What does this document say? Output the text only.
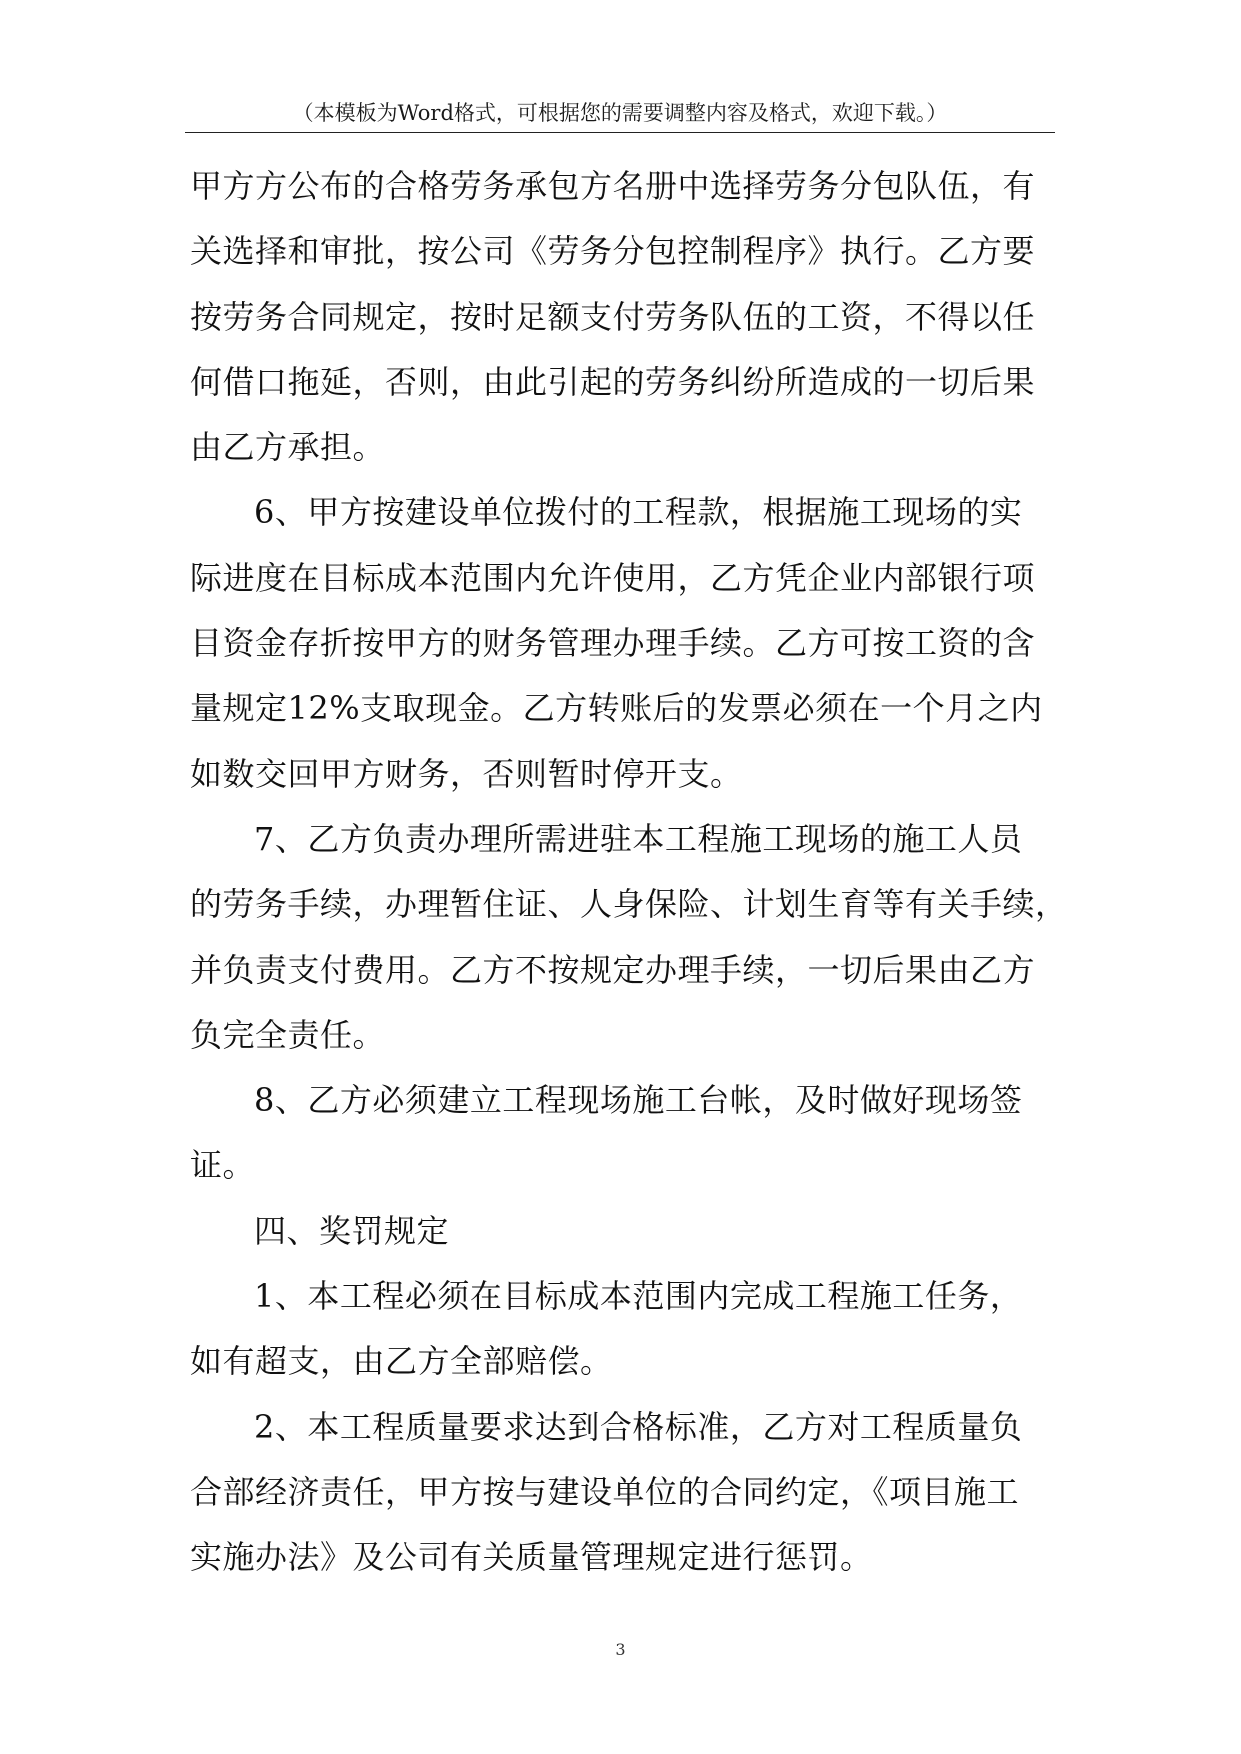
（本模板为Word格式，可根据您的需要调整内容及格式，欢迎下载。）
甲方方公布的合格劳务承包方名册中选择劳务分包队伍，有
关选择和审批，按公司《劳务分包控制程序》执行。乙方要
按劳务合同规定，按时足额支付劳务队伍的工资，不得以任
何借口拖延，否则，由此引起的劳务纠纷所造成的一切后果
由乙方承担。
6、甲方按建设单位拨付的工程款，根据施工现场的实
际进度在目标成本范围内允许使用，乙方凭企业内部银行项
目资金存折按甲方的财务管理办理手续。乙方可按工资的含
量规定12%支取现金。乙方转账后的发票必须在一个月之内
如数交回甲方财务，否则暂时停开支。
7、乙方负责办理所需进驻本工程施工现场的施工人员
的劳务手续，办理暂住证、人身保险、计划生育等有关手续，
并负责支付费用。乙方不按规定办理手续，一切后果由乙方
负完全责任。
8、乙方必须建立工程现场施工台帐，及时做好现场签
证。
四、奖罚规定
1、本工程必须在目标成本范围内完成工程施工任务，
如有超支，由乙方全部赔偿。
2、本工程质量要求达到合格标准，乙方对工程质量负
合部经济责任，甲方按与建设单位的合同约定，《项目施工
实施办法》及公司有关质量管理规定进行惩罚。
3
